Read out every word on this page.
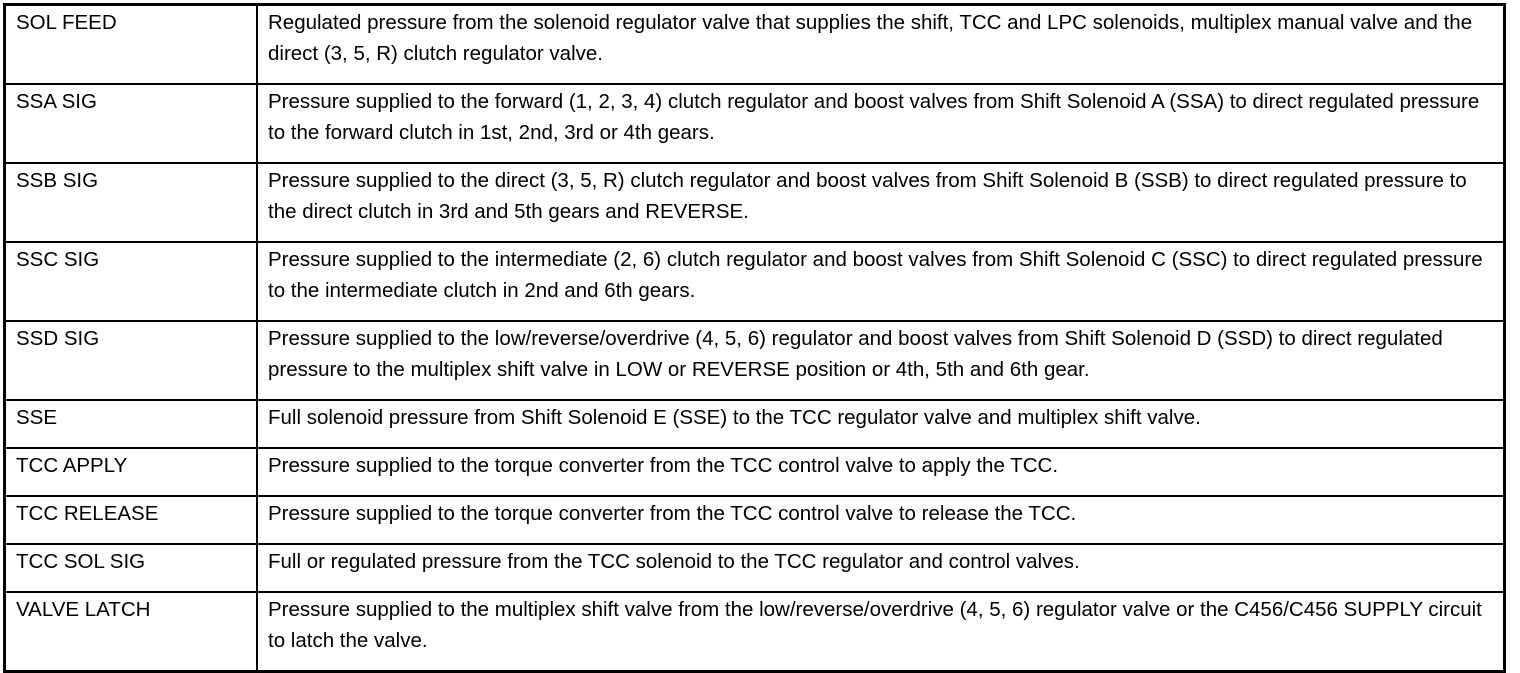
SOL FEED	Regulated pressure from the solenoid regulator valve that supplies the shift, TCC and LPC solenoids, multiplex manual valve and the direct (3, 5, R) clutch regulator valve.
SSA SIG	Pressure supplied to the forward (1, 2, 3, 4) clutch regulator and boost valves from Shift Solenoid A (SSA) to direct regulated pressure to the forward clutch in 1st, 2nd, 3rd or 4th gears.
SSB SIG	Pressure supplied to the direct (3, 5, R) clutch regulator and boost valves from Shift Solenoid B (SSB) to direct regulated pressure to the direct clutch in 3rd and 5th gears and REVERSE.
SSC SIG	Pressure supplied to the intermediate (2, 6) clutch regulator and boost valves from Shift Solenoid C (SSC) to direct regulated pressure to the intermediate clutch in 2nd and 6th gears.
SSD SIG	Pressure supplied to the low/reverse/overdrive (4, 5, 6) regulator and boost valves from Shift Solenoid D (SSD) to direct regulated pressure to the multiplex shift valve in LOW or REVERSE position or 4th, 5th and 6th gear.
SSE	Full solenoid pressure from Shift Solenoid E (SSE) to the TCC regulator valve and multiplex shift valve.
TCC APPLY	Pressure supplied to the torque converter from the TCC control valve to apply the TCC.
TCC RELEASE	Pressure supplied to the torque converter from the TCC control valve to release the TCC.
TCC SOL SIG	Full or regulated pressure from the TCC solenoid to the TCC regulator and control valves.
VALVE LATCH	Pressure supplied to the multiplex shift valve from the low/reverse/overdrive (4, 5, 6) regulator valve or the C456/C456 SUPPLY circuit to latch the valve.
